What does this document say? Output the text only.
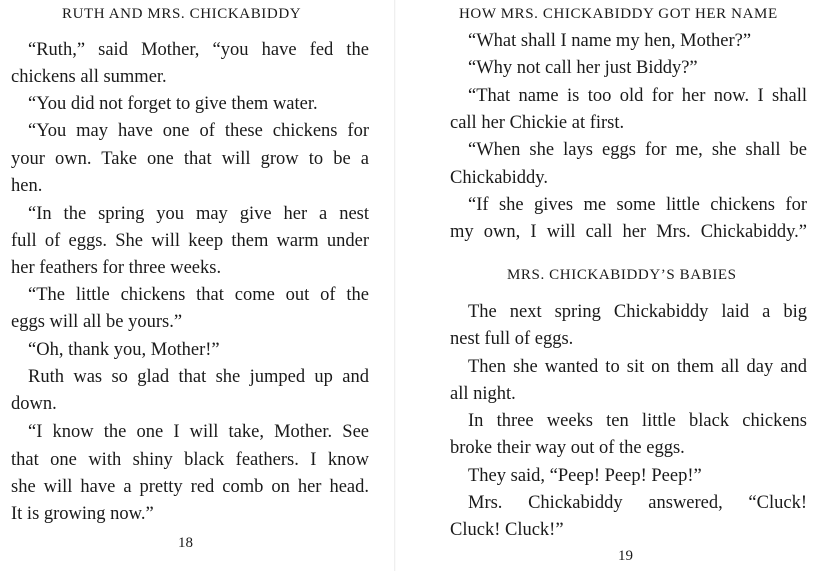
RUTH AND MRS. CHICKABIDDY
“Ruth,” said Mother, “you have fed the
chickens all summer.
“You did not forget to give them water.
“You may have one of these chickens for
your own. Take one that will grow to be a
hen.
“In the spring you may give her a nest
full of eggs. She will keep them warm under
her feathers for three weeks.
“The little chickens that come out of the
eggs will all be yours.”
“Oh, thank you, Mother!”
Ruth was so glad that she jumped up and
down.
“I know the one I will take, Mother. See
that one with shiny black feathers. I know
she will have a pretty red comb on her head.
It is growing now.”
18
HOW MRS. CHICKABIDDY GOT HER NAME
“What shall I name my hen, Mother?”
“Why not call her just Biddy?”
“That name is too old for her now. I shall
call her Chickie at first.
“When she lays eggs for me, she shall be
Chickabiddy.
“If she gives me some little chickens for
my own, I will call her Mrs. Chickabiddy.”
MRS. CHICKABIDDY’S BABIES
The next spring Chickabiddy laid a big
nest full of eggs.
Then she wanted to sit on them all day and
all night.
In three weeks ten little black chickens
broke their way out of the eggs.
They said, “Peep! Peep! Peep!”
Mrs. Chickabiddy answered, “Cluck!
Cluck! Cluck!”
19
